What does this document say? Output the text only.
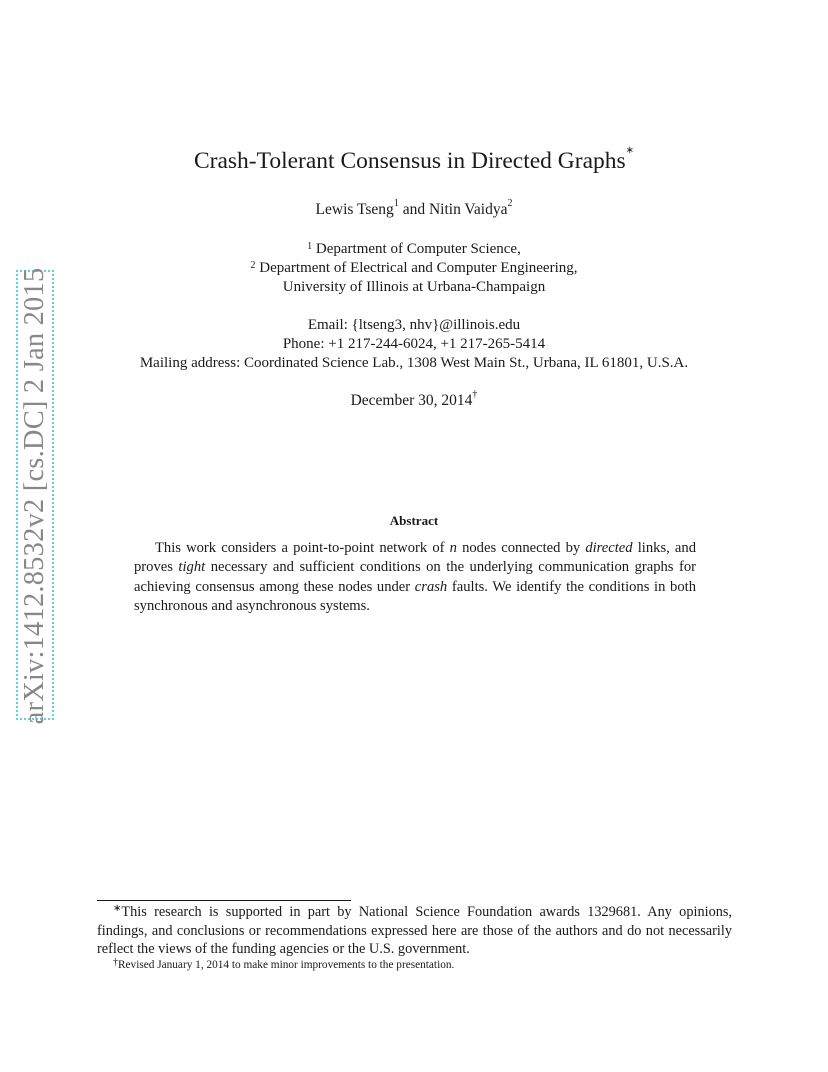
arXiv:1412.8532v2 [cs.DC] 2 Jan 2015
Crash-Tolerant Consensus in Directed Graphs∗
Lewis Tseng$^1$ and Nitin Vaidya$^2$
$^1$ Department of Computer Science,
$^2$ Department of Electrical and Computer Engineering,
University of Illinois at Urbana-Champaign
Email: {ltseng3, nhv}@illinois.edu
Phone: +1 217-244-6024, +1 217-265-5414
Mailing address: Coordinated Science Lab., 1308 West Main St., Urbana, IL 61801, U.S.A.
December 30, 2014†
Abstract
This work considers a point-to-point network of n nodes connected by directed links, and proves tight necessary and sufficient conditions on the underlying communication graphs for achieving consensus among these nodes under crash faults. We identify the conditions in both synchronous and asynchronous systems.
∗This research is supported in part by National Science Foundation awards 1329681. Any opinions, findings, and conclusions or recommendations expressed here are those of the authors and do not necessarily reflect the views of the funding agencies or the U.S. government.
†Revised January 1, 2014 to make minor improvements to the presentation.
